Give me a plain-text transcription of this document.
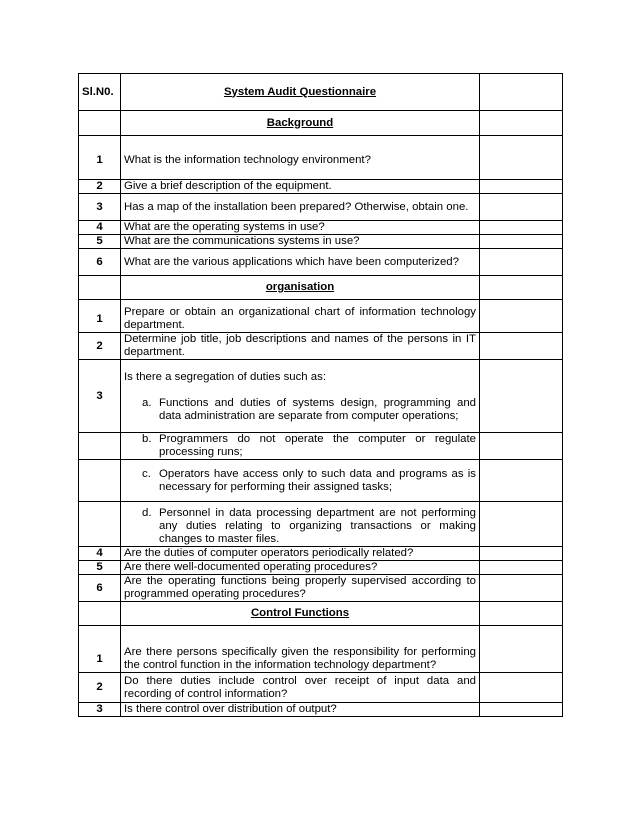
Sl.N0.	System Audit Questionnaire	
	Background	
1	What is the information technology environment?	
2	Give a brief description of the equipment.	
3	Has a map of the installation been prepared? Otherwise, obtain one.	
4	What are the operating systems in use?	
5	What are the communications systems in use?	
6	What are the various applications which have been computerized?	
	organisation	
1	Prepare or obtain an organizational chart of information technology department.	
2	Determine job title, job descriptions and names of the persons in IT department.	
3	Is there a segregation of duties such as:
a. Functions and duties of systems design, programming and data administration are separate from computer operations;	

	b. Programmers do not operate the computer or regulate processing runs;	

	c. Operators have access only to such data and programs as is necessary for performing their assigned tasks;	

	d. Personnel in data processing department are not performing any duties relating to organizing transactions or making changes to master files.	

4	Are the duties of computer operators periodically related?	
5	Are there well-documented operating procedures?	
6	Are the operating functions being properly supervised according to programmed operating procedures?	
	Control Functions	
1	Are there persons specifically given the responsibility for performing the control function in the information technology department?	
2	Do there duties include control over receipt of input data and recording of control information?	
3	Is there control over distribution of output?	
